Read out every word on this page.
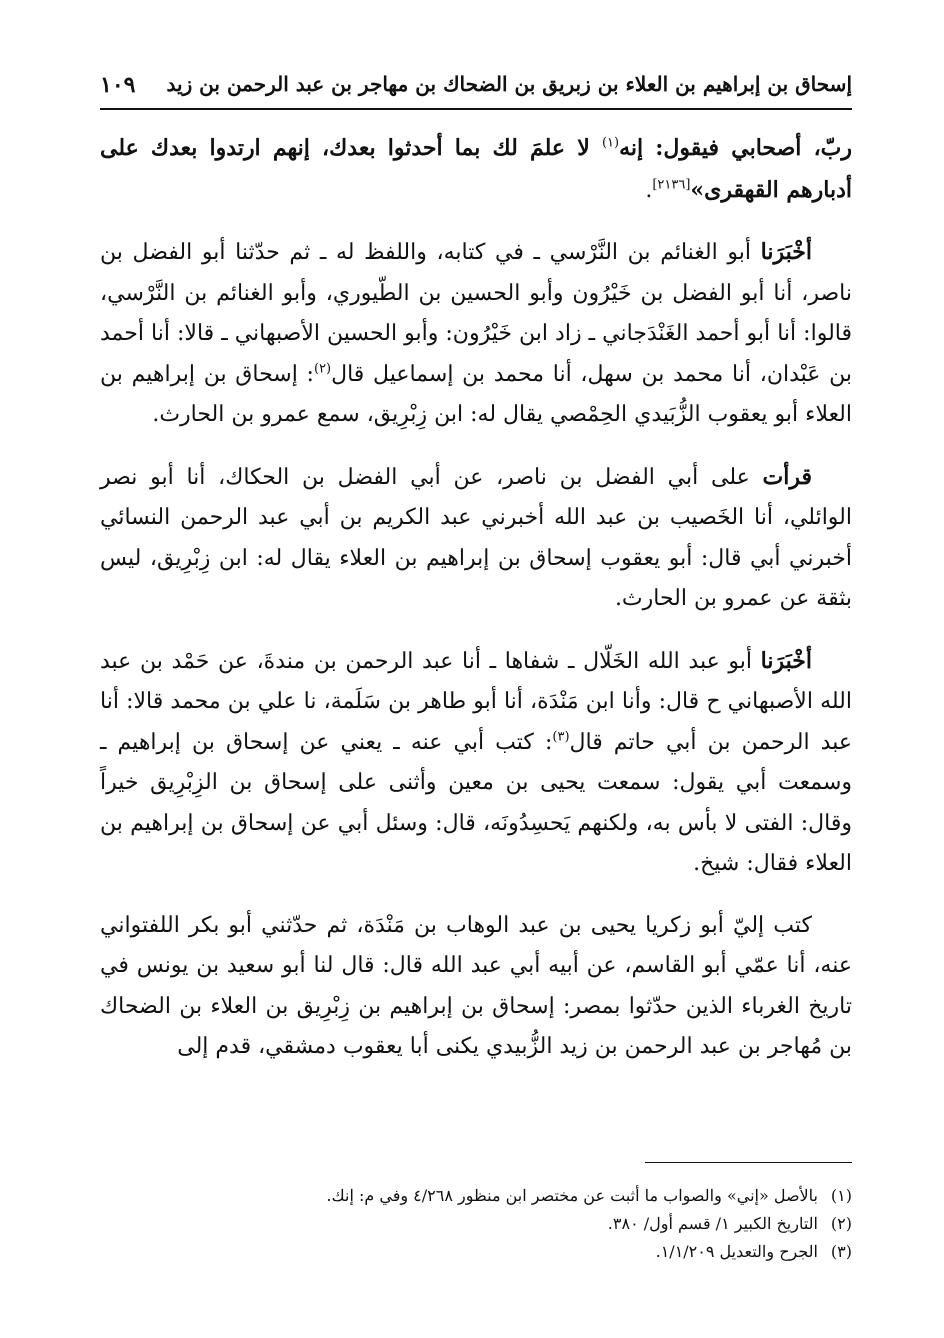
إسحاق بن إبراهيم بن العلاء بن زبريق بن الضحاك بن مهاجر بن عبد الرحمن بن زيد
١٠٩

ربّ، أصحابي فيقول: إنه$^{(١)}$ لا علمَ لك بما أحدثوا بعدك، إنهم ارتدوا بعدك على أدبارهم القهقرى»[٢١٣٦].

أخْبَرَنا أبو الغنائم بن النَّرْسي ـ في كتابه، واللفظ له ـ ثم حدّثنا أبو الفضل بن ناصر، أنا أبو الفضل بن خَيْرُون وأبو الحسين بن الطّيوري، وأبو الغنائم بن النَّرْسي، قالوا: أنا أبو أحمد الغَنْدَجاني ـ زاد ابن خَيْرُون: وأبو الحسين الأصبهاني ـ قالا: أنا أحمد بن عَبْدان، أنا محمد بن سهل، أنا محمد بن إسماعيل قال$^{(٢)}$: إسحاق بن إبراهيم بن العلاء أبو يعقوب الزُّبَيدي الحِمْصي يقال له: ابن زِبْرِيق، سمع عمرو بن الحارث.

قرأت على أبي الفضل بن ناصر، عن أبي الفضل بن الحكاك، أنا أبو نصر الوائلي، أنا الخَصيب بن عبد الله أخبرني عبد الكريم بن أبي عبد الرحمن النسائي أخبرني أبي قال: أبو يعقوب إسحاق بن إبراهيم بن العلاء يقال له: ابن زِبْرِيق، ليس بثقة عن عمرو بن الحارث.

أخْبَرَنا أبو عبد الله الخَلّال ـ شفاها ـ أنا عبد الرحمن بن مندةَ، عن حَمْد بن عبد الله الأصبهاني ح قال: وأنا ابن مَنْدَة، أنا أبو طاهر بن سَلَمة، نا علي بن محمد قالا: أنا عبد الرحمن بن أبي حاتم قال$^{(٣)}$: كتب أبي عنه ـ يعني عن إسحاق بن إبراهيم ـ وسمعت أبي يقول: سمعت يحيى بن معين وأثنى على إسحاق بن الزِبْرِيق خيراً وقال: الفتى لا بأس به، ولكنهم يَحسِدُونَه، قال: وسئل أبي عن إسحاق بن إبراهيم بن العلاء فقال: شيخ.

كتب إليّ أبو زكريا يحيى بن عبد الوهاب بن مَنْدَة، ثم حدّثني أبو بكر اللفتواني عنه، أنا عمّي أبو القاسم، عن أبيه أبي عبد الله قال: قال لنا أبو سعيد بن يونس في تاريخ الغرباء الذين حدّثوا بمصر: إسحاق بن إبراهيم بن زِبْرِيق بن العلاء بن الضحاك بن مُهاجر بن عبد الرحمن بن زيد الزُّبيدي يكنى أبا يعقوب دمشقي، قدم إلى

(١)بالأصل «إني» والصواب ما أثبت عن مختصر ابن منظور ٤/٢٦٨ وفي م: إنك.
(٢)التاريخ الكبير ١/ قسم أول/ ٣٨٠.
(٣)الجرح والتعديل ١/١/٢٠٩.
